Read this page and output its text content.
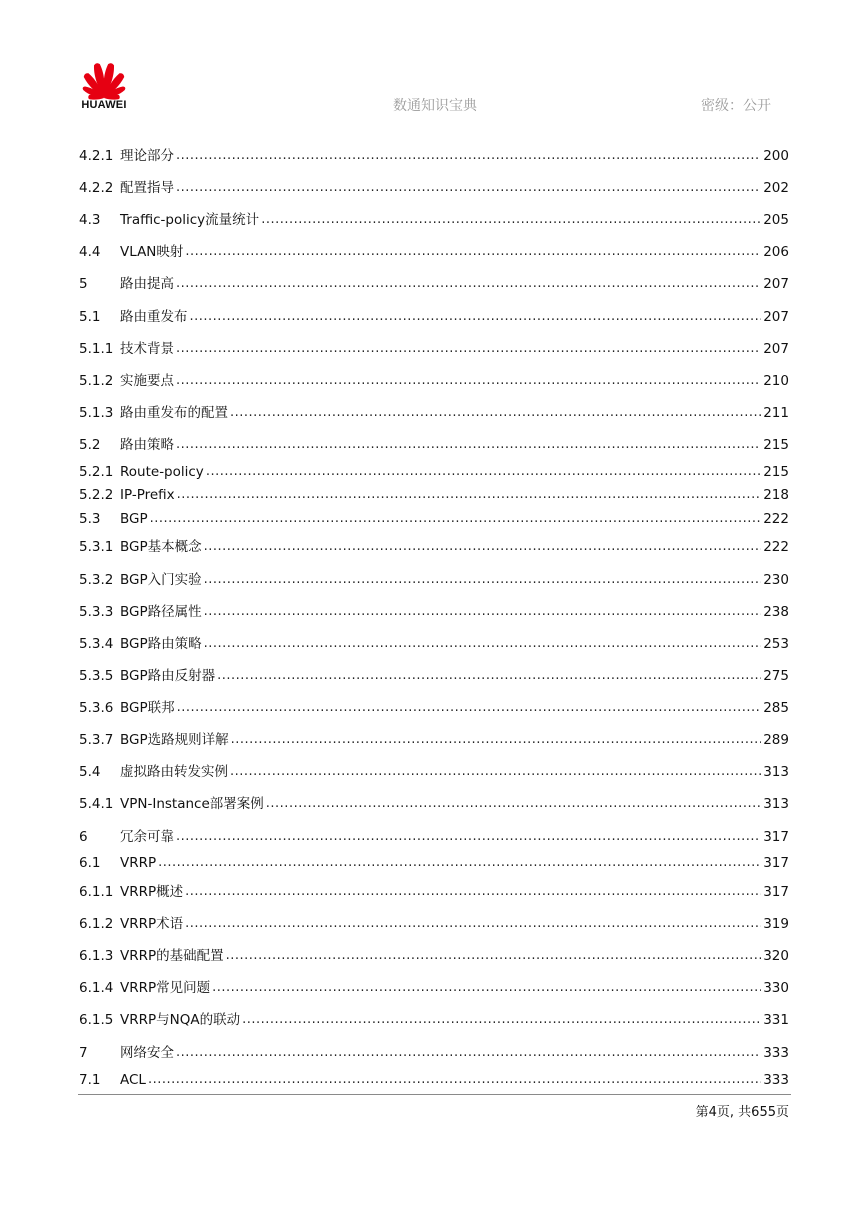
HUAWEI	数通知识宝典	密级：公开
4.2.1 理论部分 .....	200
4.2.2 配置指导 .....	202
4.3	Traffic-policy流量统计 .....	205
4.4	VLAN映射 .....	206
5	路由提高 .....	207
5.1	路由重发布 .....	207
5.1.1 技术背景 .....	207
5.1.2 实施要点 .....	210
5.1.3 路由重发布的配置 .....	211
5.2	路由策略 .....	215
5.2.1 Route-policy .....	215
5.2.2 IP-Prefix .....	218
5.3	BGP .....	222
5.3.1 BGP基本概念 .....	222
5.3.2 BGP入门实验 .....	230
5.3.3 BGP路径属性 .....	238
5.3.4 BGP路由策略 .....	253
5.3.5 BGP路由反射器 .....	275
5.3.6 BGP联邦 .....	285
5.3.7 BGP选路规则详解 .....	289
5.4	虚拟路由转发实例 .....	313
5.4.1 VPN-Instance部署案例 .....	313
6	冗余可靠 .....	317
6.1	VRRP .....	317
6.1.1 VRRP概述 .....	317
6.1.2 VRRP术语 .....	319
6.1.3 VRRP的基础配置 .....	320
6.1.4 VRRP常见问题 .....	330
6.1.5 VRRP与NQA的联动 .....	331
7	网络安全 .....	333
7.1	ACL .....	333
第4页, 共655页
